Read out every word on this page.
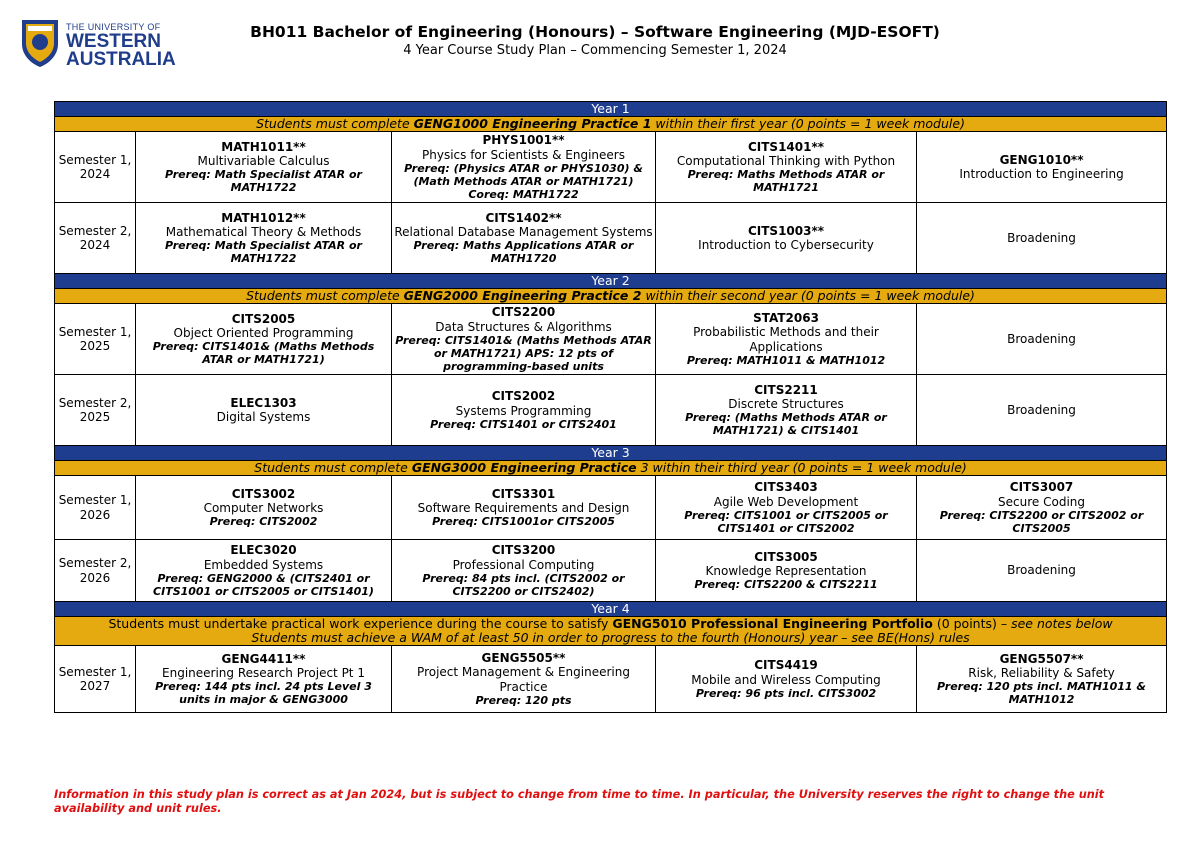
THE UNIVERSITY OF
WESTERN
AUSTRALIA
BH011 Bachelor of Engineering (Honours) – Software Engineering (MJD-ESOFT)
4 Year Course Study Plan – Commencing Semester 1, 2024
Year 1				
Students must complete GENG1000 Engineering Practice 1 within their first year (0 points = 1 week module)				
Semester 1, 2024	MATH1011**
Multivariable Calculus
Prereq: Math Specialist ATAR or MATH1722	PHYS1001**
Physics for Scientists & Engineers
Prereq: (Physics ATAR or PHYS1030) & (Math Methods ATAR or MATH1721) Coreq: MATH1722	CITS1401**
Computational Thinking with Python
Prereq: Maths Methods ATAR or MATH1721	GENG1010**
Introduction to Engineering

Semester 2, 2024	MATH1012**
Mathematical Theory & Methods
Prereq: Math Specialist ATAR or MATH1722	CITS1402**
Relational Database Management Systems
Prereq: Maths Applications ATAR or MATH1720	CITS1003**
Introduction to Cybersecurity	Broadening

Year 2				
Students must complete GENG2000 Engineering Practice 2 within their second year (0 points = 1 week module)				
Semester 1, 2025	CITS2005
Object Oriented Programming
Prereq: CITS1401& (Maths Methods ATAR or MATH1721)	CITS2200
Data Structures & Algorithms
Prereq: CITS1401& (Maths Methods ATAR or MATH1721) APS: 12 pts of programming-based units	STAT2063
Probabilistic Methods and their Applications
Prereq: MATH1011 & MATH1012	Broadening

Semester 2, 2025	ELEC1303
Digital Systems	CITS2002
Systems Programming
Prereq: CITS1401 or CITS2401	CITS2211
Discrete Structures
Prereq: (Maths Methods ATAR or MATH1721) & CITS1401	Broadening

Year 3				
Students must complete GENG3000 Engineering Practice 3 within their third year (0 points = 1 week module)				
Semester 1, 2026	CITS3002
Computer Networks
Prereq: CITS2002	CITS3301
Software Requirements and Design
Prereq: CITS1001or CITS2005	CITS3403
Agile Web Development
Prereq: CITS1001 or CITS2005 or CITS1401 or CITS2002	CITS3007
Secure Coding
Prereq: CITS2200 or CITS2002 or CITS2005

Semester 2, 2026	ELEC3020
Embedded Systems
Prereq: GENG2000 & (CITS2401 or CITS1001 or CITS2005 or CITS1401)	CITS3200
Professional Computing
Prereq: 84 pts incl. (CITS2002 or CITS2200 or CITS2402)	CITS3005
Knowledge Representation
Prereq: CITS2200 & CITS2211	Broadening

Year 4				
Students must undertake practical work experience during the course to satisfy GENG5010 Professional Engineering Portfolio (0 points) – see notes below
Students must achieve a WAM of at least 50 in order to progress to the fourth (Honours) year – see BE(Hons) rules				
Semester 1, 2027	GENG4411**
Engineering Research Project Pt 1
Prereq: 144 pts incl. 24 pts Level 3 units in major & GENG3000	GENG5505**
Project Management & Engineering Practice
Prereq: 120 pts	CITS4419
Mobile and Wireless Computing
Prereq: 96 pts incl. CITS3002	GENG5507**
Risk, Reliability & Safety
Prereq: 120 pts incl. MATH1011 & MATH1012
Information in this study plan is correct as at Jan 2024, but is subject to change from time to time. In particular, the University reserves the right to change the unit availability and unit rules.
